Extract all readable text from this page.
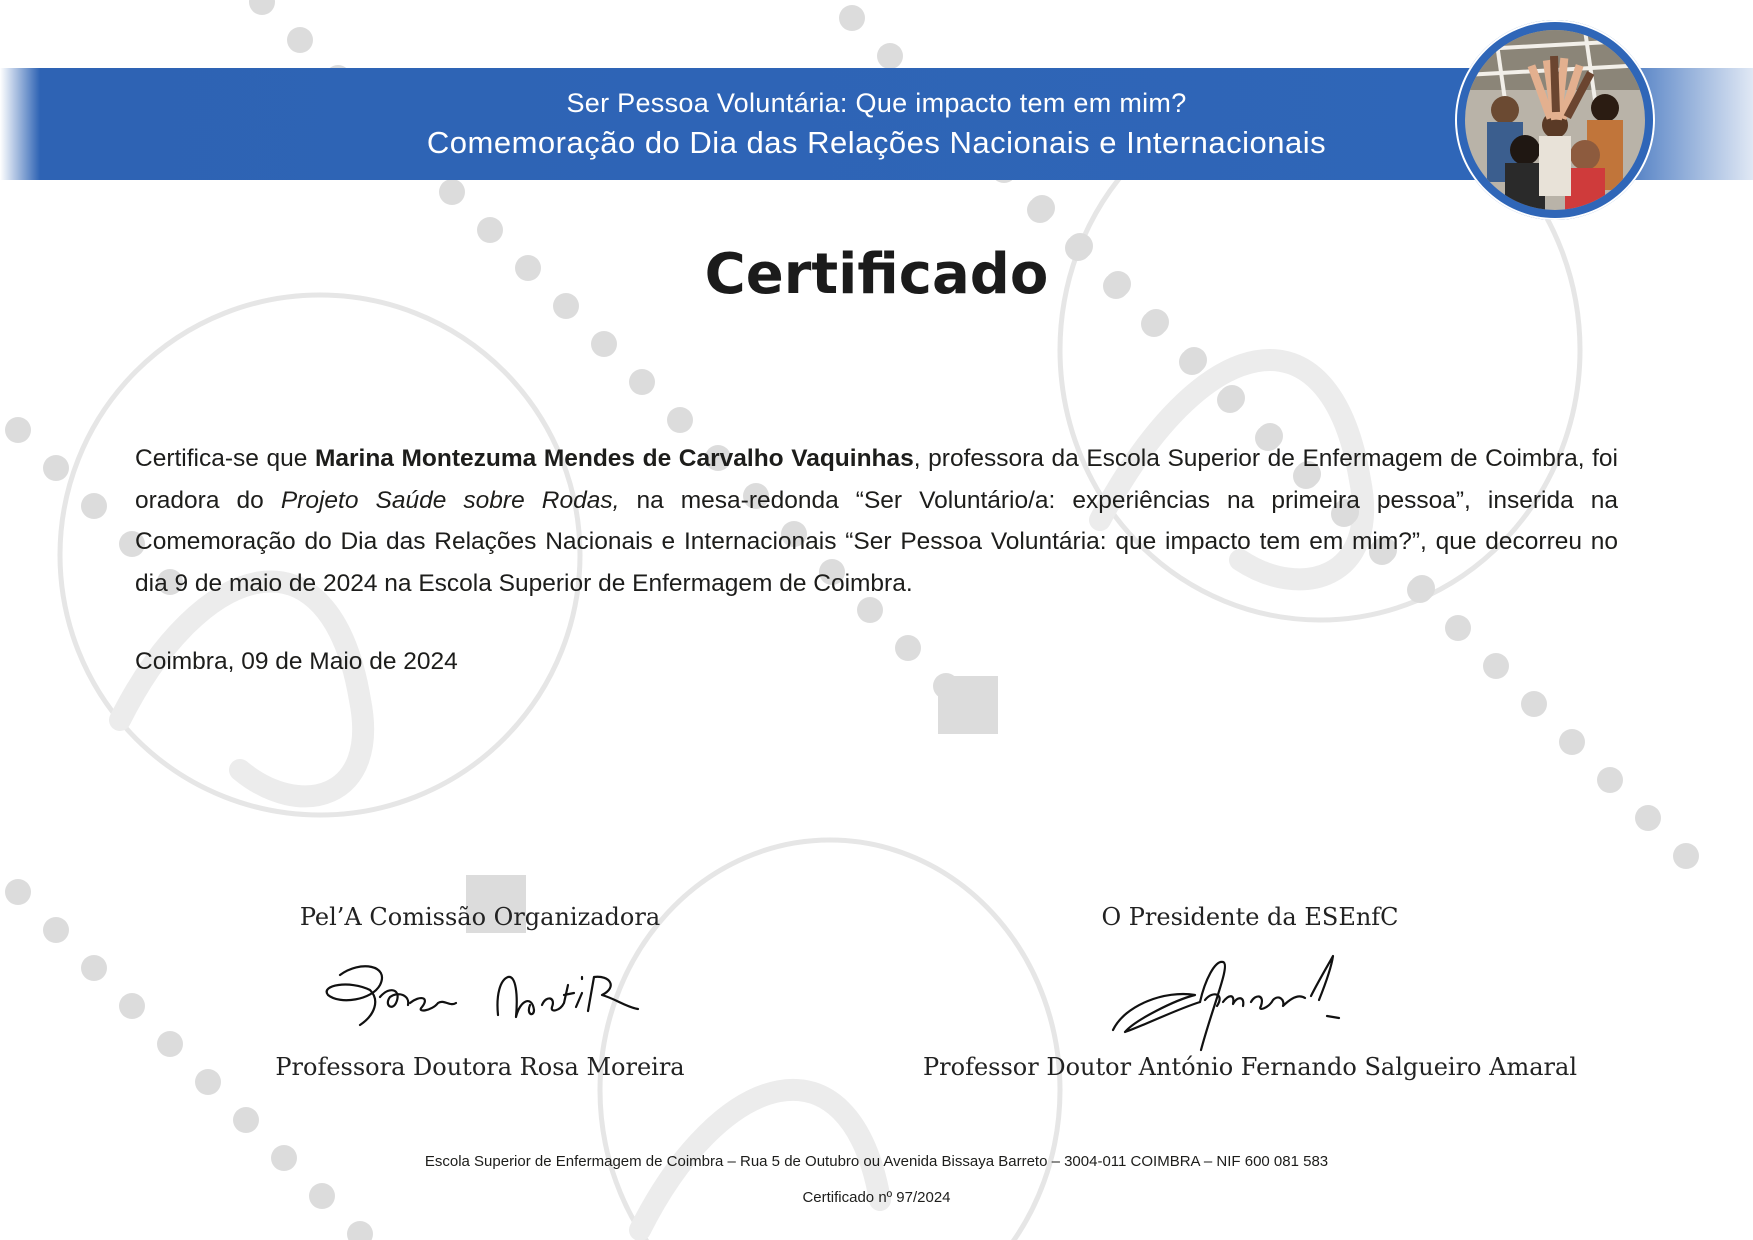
Ser Pessoa Voluntária: Que impacto tem em mim?
Comemoração do Dia das Relações Nacionais e Internacionais
Certificado
Certifica-se que Marina Montezuma Mendes de Carvalho Vaquinhas, professora da Escola Superior de Enfermagem de Coimbra, foi oradora do Projeto Saúde sobre Rodas, na mesa-redonda “Ser Voluntário/a: experiências na primeira pessoa”, inserida na Comemoração do Dia das Relações Nacionais e Internacionais “Ser Pessoa Voluntária: que impacto tem em mim?”, que decorreu no dia 9 de maio de 2024 na Escola Superior de Enfermagem de Coimbra.
Coimbra, 09 de Maio de 2024
Pel’A Comissão Organizadora
Professora Doutora Rosa Moreira
O Presidente da ESEnfC
Professor Doutor António Fernando Salgueiro Amaral
Escola Superior de Enfermagem de Coimbra – Rua 5 de Outubro ou Avenida Bissaya Barreto – 3004-011 COIMBRA – NIF 600 081 583
Certificado nº 97/2024
